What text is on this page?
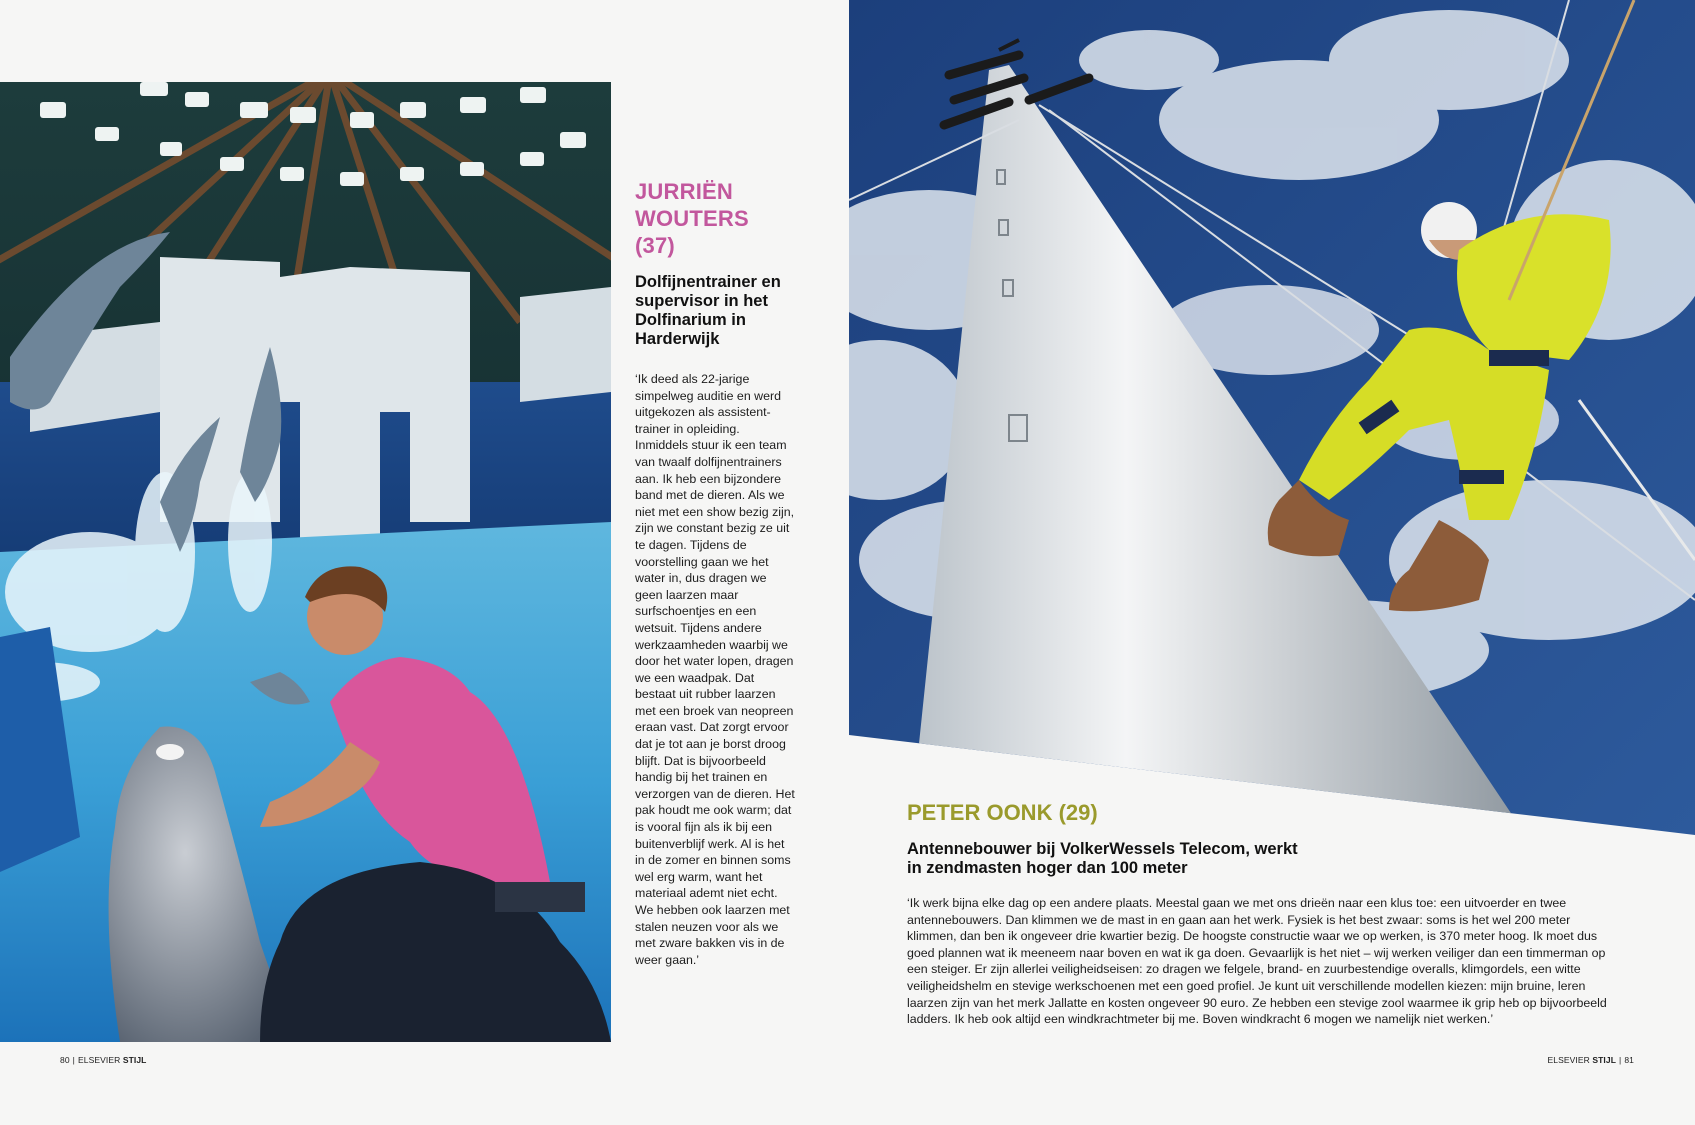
JURRIËN WOUTERS (37)
Dolfijnentrainer en supervisor in het Dolfinarium in Harderwijk

‘Ik deed als 22-jarige simpelweg auditie en werd uitgekozen als assistent-trainer in opleiding. Inmiddels stuur ik een team van twaalf dolfijnentrainers aan. Ik heb een bijzondere band met de dieren. Als we niet met een show bezig zijn, zijn we constant bezig ze uit te dagen. Tijdens de voorstelling gaan we het water in, dus dragen we geen laarzen maar surfschoentjes en een wetsuit. Tijdens andere werkzaamheden waarbij we door het water lopen, dragen we een waadpak. Dat bestaat uit rubber laarzen met een broek van neopreen eraan vast. Dat zorgt ervoor dat je tot aan je borst droog blijft. Dat is bijvoorbeeld handig bij het trainen en verzorgen van de dieren. Het pak houdt me ook warm; dat is vooral fijn als ik bij een buitenverblijf werk. Al is het in de zomer en binnen soms wel erg warm, want het materiaal ademt niet echt. We hebben ook laarzen met stalen neuzen voor als we met zware bakken vis in de weer gaan.’

PETER OONK (29)
Antennebouwer bij VolkerWessels Telecom, werkt in zendmasten hoger dan 100 meter

‘Ik werk bijna elke dag op een andere plaats. Meestal gaan we met ons drieën naar een klus toe: een uitvoerder en twee antennebouwers. Dan klimmen we de mast in en gaan aan het werk. Fysiek is het best zwaar: soms is het wel 200 meter klimmen, dan ben ik ongeveer drie kwartier bezig. De hoogste constructie waar we op werken, is 370 meter hoog. Ik moet dus goed plannen wat ik meeneem naar boven en wat ik ga doen. Gevaarlijk is het niet – wij werken veiliger dan een timmerman op een steiger. Er zijn allerlei veiligheidseisen: zo dragen we felgele, brand- en zuurbestendige overalls, klimgordels, een witte veiligheidshelm en stevige werkschoenen met een goed profiel. Je kunt uit verschillende modellen kiezen: mijn bruine, leren laarzen zijn van het merk Jallatte en kosten ongeveer 90 euro. Ze hebben een stevige zool waarmee ik grip heb op bijvoorbeeld ladders. Ik heb ook altijd een windkrachtmeter bij me. Boven windkracht 6 mogen we namelijk niet werken.’

80 | ELSEVIER STIJL	ELSEVIER STIJL | 81
